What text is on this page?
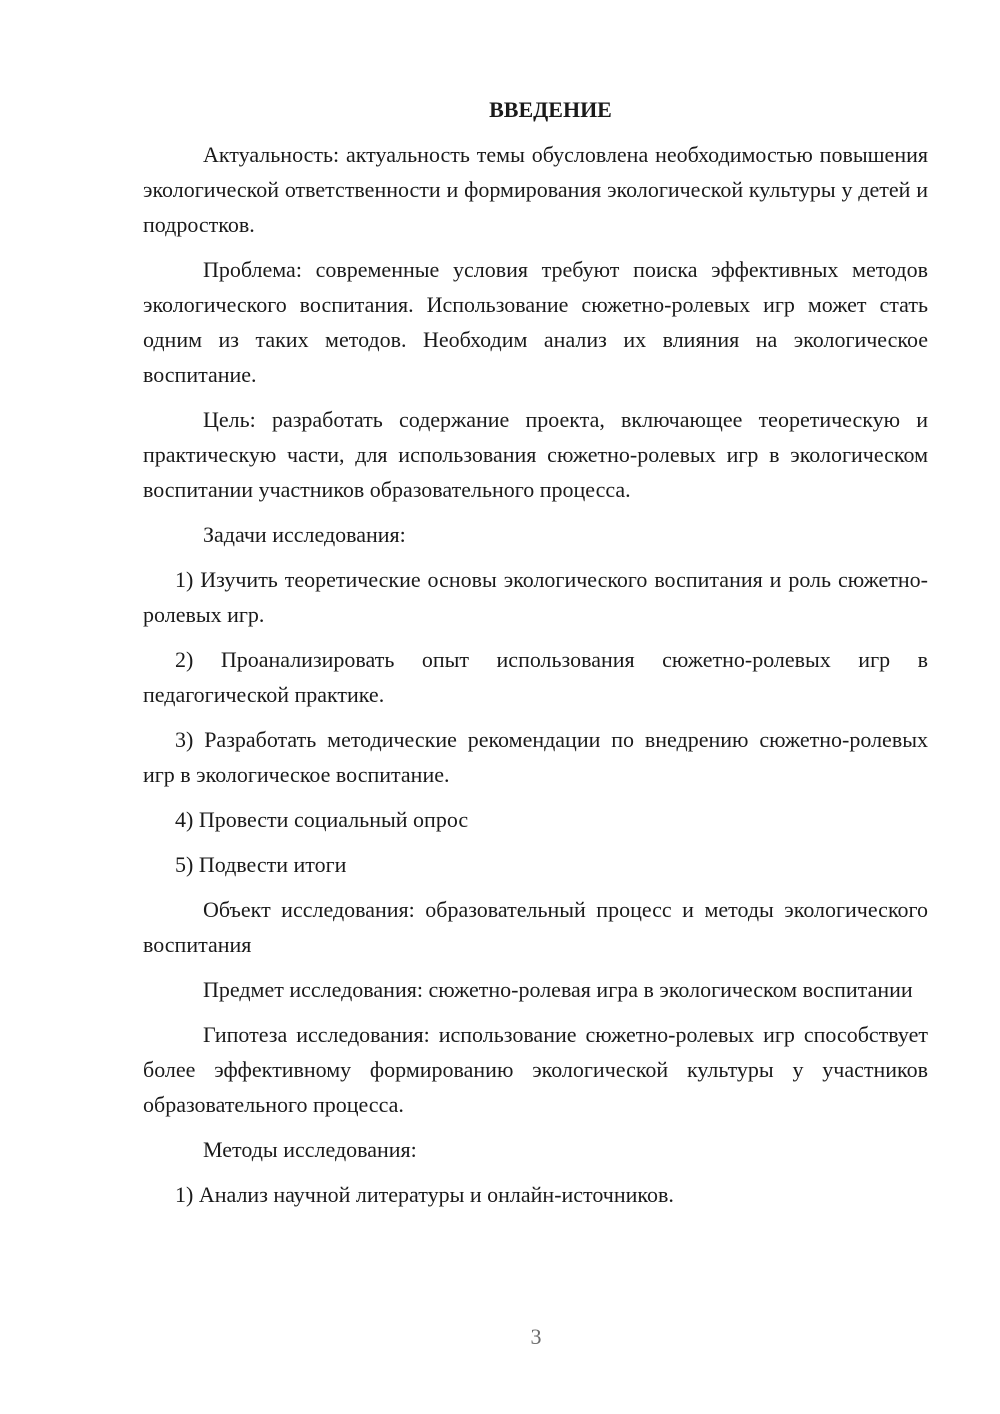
ВВЕДЕНИЕ

Актуальность: актуальность темы обусловлена необходимостью повышения экологической ответственности и формирования экологической культуры у детей и подростков.

Проблема: современные условия требуют поиска эффективных методов экологического воспитания. Использование сюжетно-ролевых игр может стать одним из таких методов. Необходим анализ их влияния на экологическое воспитание.

Цель: разработать содержание проекта, включающее теоретическую и практическую части, для использования сюжетно-ролевых игр в экологическом воспитании участников образовательного процесса.

Задачи исследования:

1) Изучить теоретические основы экологического воспитания и роль сюжетно-ролевых игр.

2) Проанализировать опыт использования сюжетно-ролевых игр в педагогической практике.

3) Разработать методические рекомендации по внедрению сюжетно-ролевых игр в экологическое воспитание.

4) Провести социальный опрос

5) Подвести итоги

Объект исследования: образовательный процесс и методы экологического воспитания

Предмет исследования: сюжетно-ролевая игра в экологическом воспитании

Гипотеза исследования: использование сюжетно-ролевых игр способствует более эффективному формированию экологической культуры у участников образовательного процесса.

Методы исследования:

1) Анализ научной литературы и онлайн-источников.

3
